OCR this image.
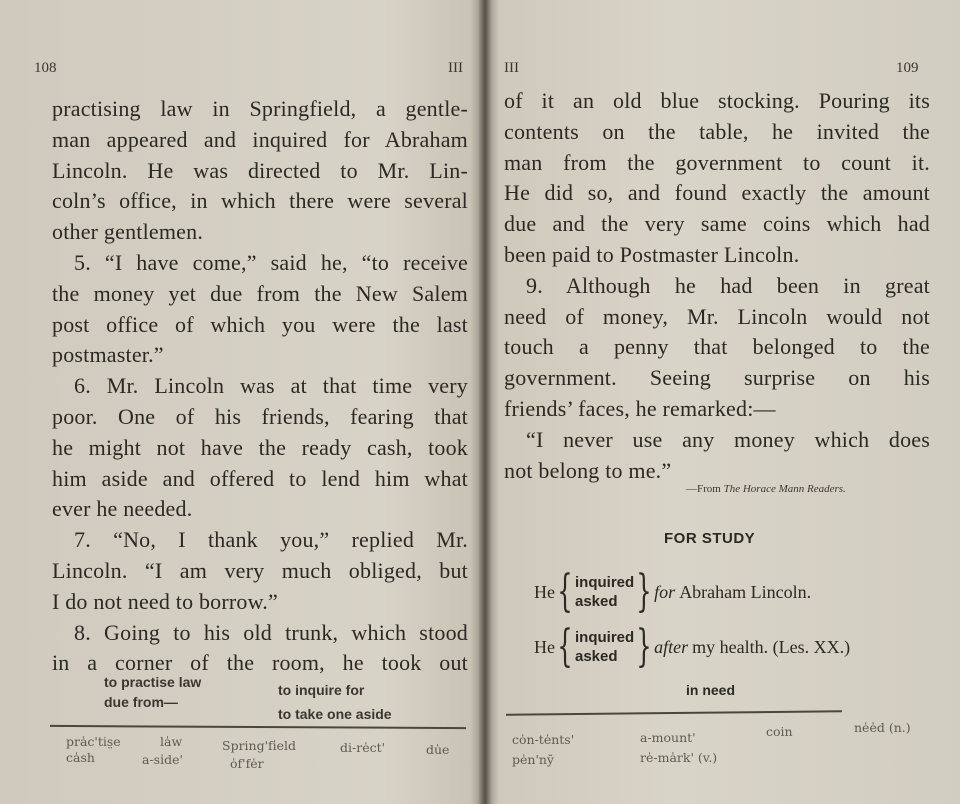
108	III
practising law in Springfield, a gentle-
man appeared and inquired for Abraham
Lincoln. He was directed to Mr. Lin-
coln’s office, in which there were several
other gentlemen.
5. “I have come,” said he, “to receive
the money yet due from the New Salem
post office of which you were the last
postmaster.”
6. Mr. Lincoln was at that time very
poor. One of his friends, fearing that
he might not have the ready cash, took
him aside and offered to lend him what
ever he needed.
7. “No, I thank you,” replied Mr.
Lincoln. “I am very much obliged, but
I do not need to borrow.”
8. Going to his old trunk, which stood
in a corner of the room, he took out
to practise law
due from—
to inquire for
to take one aside
pra̍c'tis̤e	la̍w	Spring'fi̍eld	di-re̍ct'	du̍e
ca̍sh	a-si̍de'	o̍f'fe̍r
III	109
of it an old blue stocking. Pouring its
contents on the table, he invited the
man from the government to count it.
He did so, and found exactly the amount
due and the very same coins which had
been paid to Postmaster Lincoln.
9. Although he had been in great
need of money, Mr. Lincoln would not
touch a penny that belonged to the
government. Seeing surprise on his
friends’ faces, he remarked:—
“I never use any money which does
not belong to me.”
—From The Horace Mann Readers.
FOR STUDY
He { inquired
asked } for Abraham Lincoln.
He { inquired
asked } after my health. (Les. XX.)
in need
co̍n-te̍nts'	a-mount'	coin	ne̍e̍d (n.)
pe̍n'ny̆	re̍-ma̍rk' (v.)
